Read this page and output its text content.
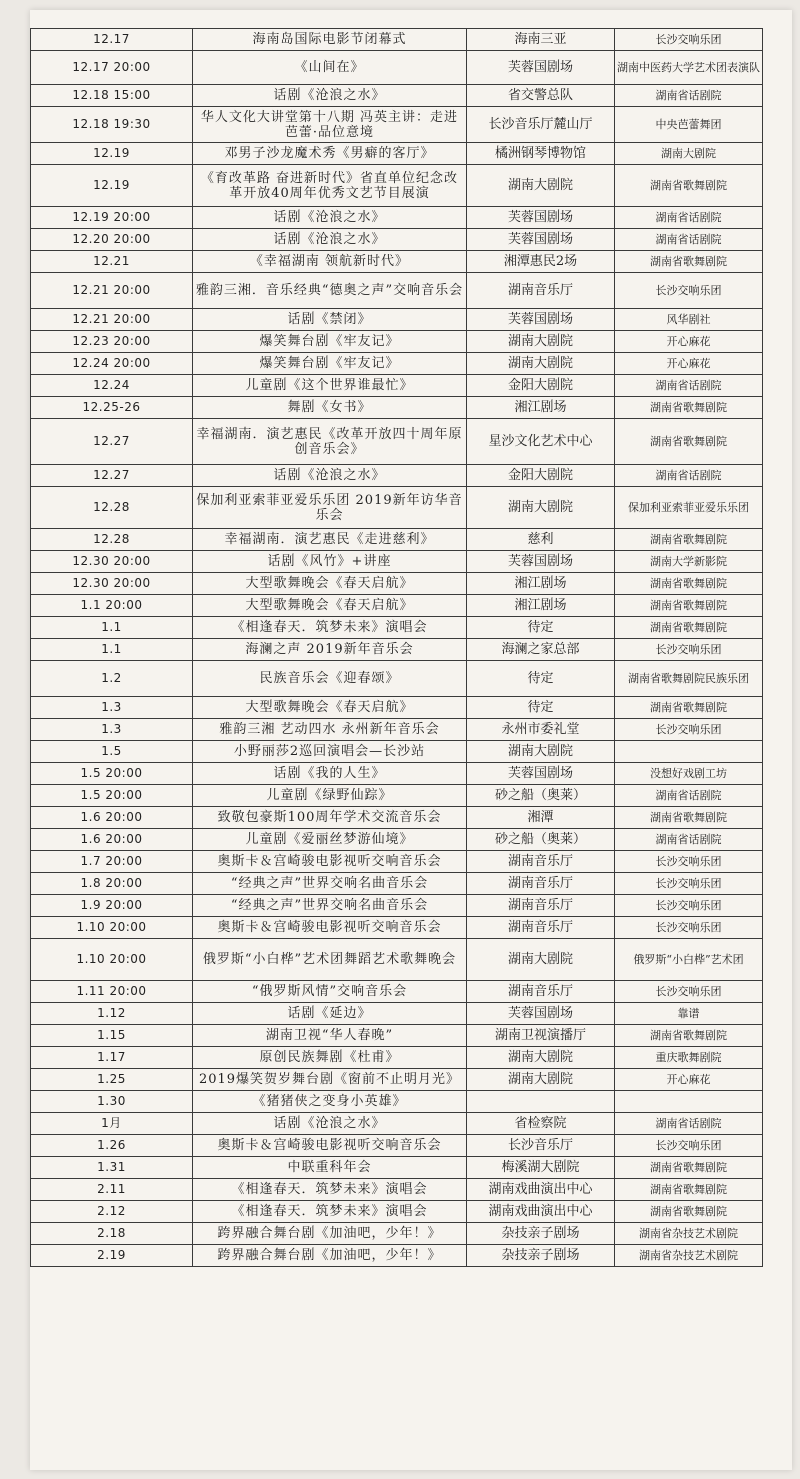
12.17	海南岛国际电影节闭幕式	海南三亚	长沙交响乐团
12.17 20:00	《山间在》	芙蓉国剧场	湖南中医药大学艺术团表演队
12.18 15:00	话剧《沧浪之水》	省交警总队	湖南省话剧院
12.18 19:30	华人文化大讲堂第十八期 冯英主讲：走进芭蕾·品位意境	长沙音乐厅麓山厅	中央芭蕾舞团
12.19	邓男子沙龙魔术秀《男癖的客厅》	橘洲钢琴博物馆	湖南大剧院
12.19	《育改革路 奋进新时代》省直单位纪念改革开放40周年优秀文艺节目展演	湖南大剧院	湖南省歌舞剧院
12.19 20:00	话剧《沧浪之水》	芙蓉国剧场	湖南省话剧院
12.20 20:00	话剧《沧浪之水》	芙蓉国剧场	湖南省话剧院
12.21	《幸福湖南 领航新时代》	湘潭惠民2场	湖南省歌舞剧院
12.21 20:00	雅韵三湘．音乐经典“德奥之声”交响音乐会	湖南音乐厅	长沙交响乐团
12.21 20:00	话剧《禁闭》	芙蓉国剧场	风华剧社
12.23 20:00	爆笑舞台剧《牢友记》	湖南大剧院	开心麻花
12.24 20:00	爆笑舞台剧《牢友记》	湖南大剧院	开心麻花
12.24	儿童剧《这个世界谁最忙》	金阳大剧院	湖南省话剧院
12.25-26	舞剧《女书》	湘江剧场	湖南省歌舞剧院
12.27	幸福湖南．演艺惠民《改革开放四十周年原创音乐会》	星沙文化艺术中心	湖南省歌舞剧院
12.27	话剧《沧浪之水》	金阳大剧院	湖南省话剧院
12.28	保加利亚索菲亚爱乐乐团 2019新年访华音乐会	湖南大剧院	保加利亚索菲亚爱乐乐团
12.28	幸福湖南．演艺惠民《走进慈利》	慈利	湖南省歌舞剧院
12.30 20:00	话剧《风竹》+讲座	芙蓉国剧场	湖南大学新影院
12.30 20:00	大型歌舞晚会《春天启航》	湘江剧场	湖南省歌舞剧院
1.1 20:00	大型歌舞晚会《春天启航》	湘江剧场	湖南省歌舞剧院
1.1	《相逢春天．筑梦未来》演唱会	待定	湖南省歌舞剧院
1.1	海澜之声 2019新年音乐会	海澜之家总部	长沙交响乐团
1.2	民族音乐会《迎春颂》	待定	湖南省歌舞剧院民族乐团
1.3	大型歌舞晚会《春天启航》	待定	湖南省歌舞剧院
1.3	雅韵三湘 艺动四水 永州新年音乐会	永州市委礼堂	长沙交响乐团
1.5	小野丽莎2巡回演唱会—长沙站	湖南大剧院	
1.5 20:00	话剧《我的人生》	芙蓉国剧场	没想好戏剧工坊
1.5 20:00	儿童剧《绿野仙踪》	砂之船（奥莱）	湖南省话剧院
1.6 20:00	致敬包豪斯100周年学术交流音乐会	湘潭	湖南省歌舞剧院
1.6 20:00	儿童剧《爱丽丝梦游仙境》	砂之船（奥莱）	湖南省话剧院
1.7 20:00	奥斯卡＆宫崎骏电影视听交响音乐会	湖南音乐厅	长沙交响乐团
1.8 20:00	“经典之声”世界交响名曲音乐会	湖南音乐厅	长沙交响乐团
1.9 20:00	“经典之声”世界交响名曲音乐会	湖南音乐厅	长沙交响乐团
1.10 20:00	奥斯卡＆宫崎骏电影视听交响音乐会	湖南音乐厅	长沙交响乐团
1.10 20:00	俄罗斯“小白桦”艺术团舞蹈艺术歌舞晚会	湖南大剧院	俄罗斯“小白桦”艺术团
1.11 20:00	“俄罗斯风情”交响音乐会	湖南音乐厅	长沙交响乐团
1.12	话剧《延边》	芙蓉国剧场	靠谱
1.15	湖南卫视“华人春晚”	湖南卫视演播厅	湖南省歌舞剧院
1.17	原创民族舞剧《杜甫》	湖南大剧院	重庆歌舞剧院
1.25	2019爆笑贺岁舞台剧《窗前不止明月光》	湖南大剧院	开心麻花
1.30	《猪猪侠之变身小英雄》		
1月	话剧《沧浪之水》	省检察院	湖南省话剧院
1.26	奥斯卡＆宫崎骏电影视听交响音乐会	长沙音乐厅	长沙交响乐团
1.31	中联重科年会	梅溪湖大剧院	湖南省歌舞剧院
2.11	《相逢春天．筑梦未来》演唱会	湖南戏曲演出中心	湖南省歌舞剧院
2.12	《相逢春天．筑梦未来》演唱会	湖南戏曲演出中心	湖南省歌舞剧院
2.18	跨界融合舞台剧《加油吧，少年！》	杂技亲子剧场	湖南省杂技艺术剧院
2.19	跨界融合舞台剧《加油吧，少年！》	杂技亲子剧场	湖南省杂技艺术剧院
